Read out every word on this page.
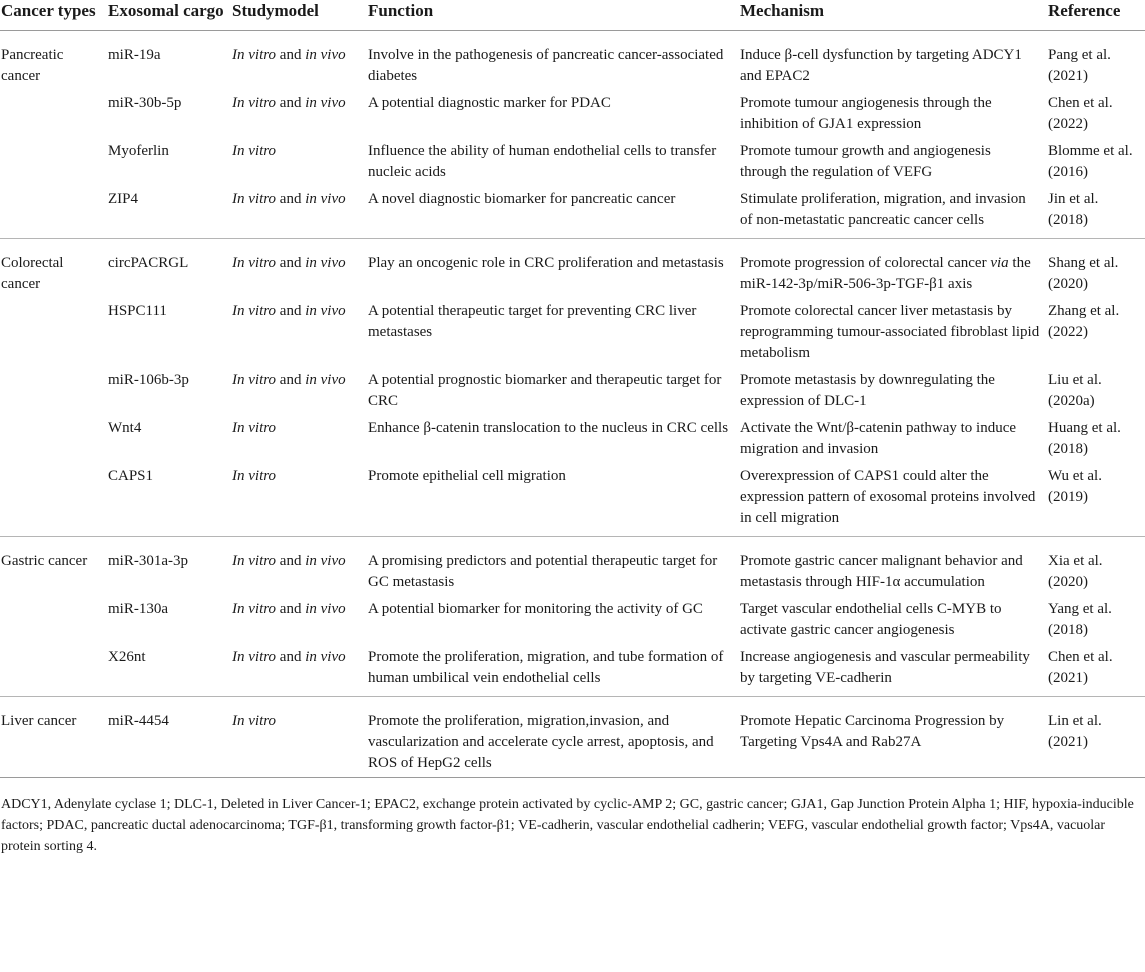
Cancer types	Exosomal cargo	Studymodel	Function	Mechanism	Reference
Pancreatic cancer	miR-19a	In vitro and in vivo	Involve in the pathogenesis of pancreatic cancer-associated diabetes	Induce β-cell dysfunction by targeting ADCY1 and EPAC2	Pang et al. (2021)
	miR-30b-5p	In vitro and in vivo	A potential diagnostic marker for PDAC	Promote tumour angiogenesis through the inhibition of GJA1 expression	Chen et al. (2022)
	Myoferlin	In vitro	Influence the ability of human endothelial cells to transfer nucleic acids	Promote tumour growth and angiogenesis through the regulation of VEFG	Blomme et al. (2016)
	ZIP4	In vitro and in vivo	A novel diagnostic biomarker for pancreatic cancer	Stimulate proliferation, migration, and invasion of non-metastatic pancreatic cancer cells	Jin et al. (2018)
Colorectal cancer	circPACRGL	In vitro and in vivo	Play an oncogenic role in CRC proliferation and metastasis	Promote progression of colorectal cancer via the miR-142-3p/miR-506-3p-TGF-β1 axis	Shang et al. (2020)
	HSPC111	In vitro and in vivo	A potential therapeutic target for preventing CRC liver metastases	Promote colorectal cancer liver metastasis by reprogramming tumour-associated fibroblast lipid metabolism	Zhang et al. (2022)
	miR-106b-3p	In vitro and in vivo	A potential prognostic biomarker and therapeutic target for CRC	Promote metastasis by downregulating the expression of DLC-1	Liu et al. (2020a)
	Wnt4	In vitro	Enhance β-catenin translocation to the nucleus in CRC cells	Activate the Wnt/β-catenin pathway to induce migration and invasion	Huang et al. (2018)
	CAPS1	In vitro	Promote epithelial cell migration	Overexpression of CAPS1 could alter the expression pattern of exosomal proteins involved in cell migration	Wu et al. (2019)
Gastric cancer	miR-301a-3p	In vitro and in vivo	A promising predictors and potential therapeutic target for GC metastasis	Promote gastric cancer malignant behavior and metastasis through HIF-1α accumulation	Xia et al. (2020)
	miR-130a	In vitro and in vivo	A potential biomarker for monitoring the activity of GC	Target vascular endothelial cells C-MYB to activate gastric cancer angiogenesis	Yang et al. (2018)
	X26nt	In vitro and in vivo	Promote the proliferation, migration, and tube formation of human umbilical vein endothelial cells	Increase angiogenesis and vascular permeability by targeting VE-cadherin	Chen et al. (2021)
Liver cancer	miR-4454	In vitro	Promote the proliferation, migration,invasion, and vascularization and accelerate cycle arrest, apoptosis, and ROS of HepG2 cells	Promote Hepatic Carcinoma Progression by Targeting Vps4A and Rab27A	Lin et al. (2021)
ADCY1, Adenylate cyclase 1; DLC-1, Deleted in Liver Cancer-1; EPAC2, exchange protein activated by cyclic-AMP 2; GC, gastric cancer; GJA1, Gap Junction Protein Alpha 1; HIF, hypoxia-inducible factors; PDAC, pancreatic ductal adenocarcinoma; TGF-β1, transforming growth factor-β1; VE-cadherin, vascular endothelial cadherin; VEFG, vascular endothelial growth factor; Vps4A, vacuolar protein sorting 4.
